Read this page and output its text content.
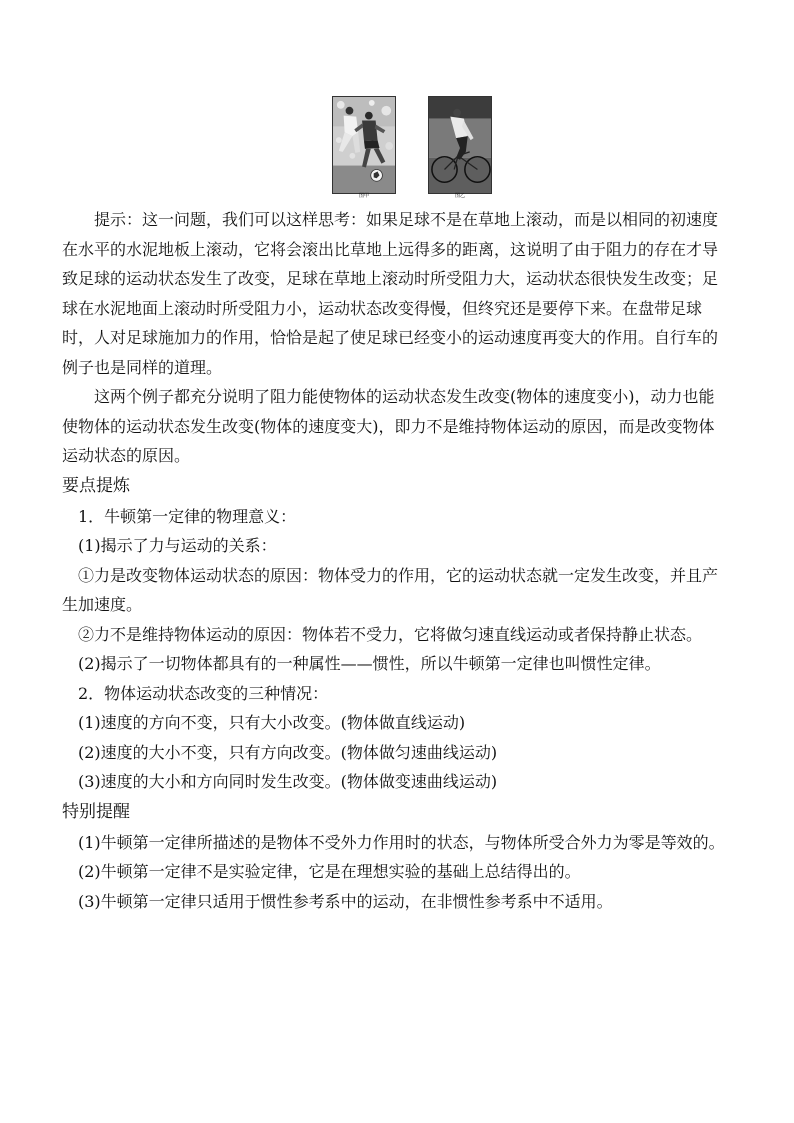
图甲	图乙

提示：这一问题，我们可以这样思考：如果足球不是在草地上滚动，而是以相同的初速度在水平的水泥地板上滚动，它将会滚出比草地上远得多的距离，这说明了由于阻力的存在才导致足球的运动状态发生了改变，足球在草地上滚动时所受阻力大，运动状态很快发生改变；足球在水泥地面上滚动时所受阻力小，运动状态改变得慢，但终究还是要停下来。在盘带足球时，人对足球施加力的作用，恰恰是起了使足球已经变小的运动速度再变大的作用。自行车的例子也是同样的道理。

这两个例子都充分说明了阻力能使物体的运动状态发生改变(物体的速度变小)，动力也能使物体的运动状态发生改变(物体的速度变大)，即力不是维持物体运动的原因，而是改变物体运动状态的原因。

要点提炼

1．牛顿第一定律的物理意义：

(1)揭示了力与运动的关系：

①力是改变物体运动状态的原因：物体受力的作用，它的运动状态就一定发生改变，并且产生加速度。

②力不是维持物体运动的原因：物体若不受力，它将做匀速直线运动或者保持静止状态。

(2)揭示了一切物体都具有的一种属性——惯性，所以牛顿第一定律也叫惯性定律。

2．物体运动状态改变的三种情况：

(1)速度的方向不变，只有大小改变。(物体做直线运动)

(2)速度的大小不变，只有方向改变。(物体做匀速曲线运动)

(3)速度的大小和方向同时发生改变。(物体做变速曲线运动)

特别提醒

(1)牛顿第一定律所描述的是物体不受外力作用时的状态，与物体所受合外力为零是等效的。

(2)牛顿第一定律不是实验定律，它是在理想实验的基础上总结得出的。

(3)牛顿第一定律只适用于惯性参考系中的运动，在非惯性参考系中不适用。
